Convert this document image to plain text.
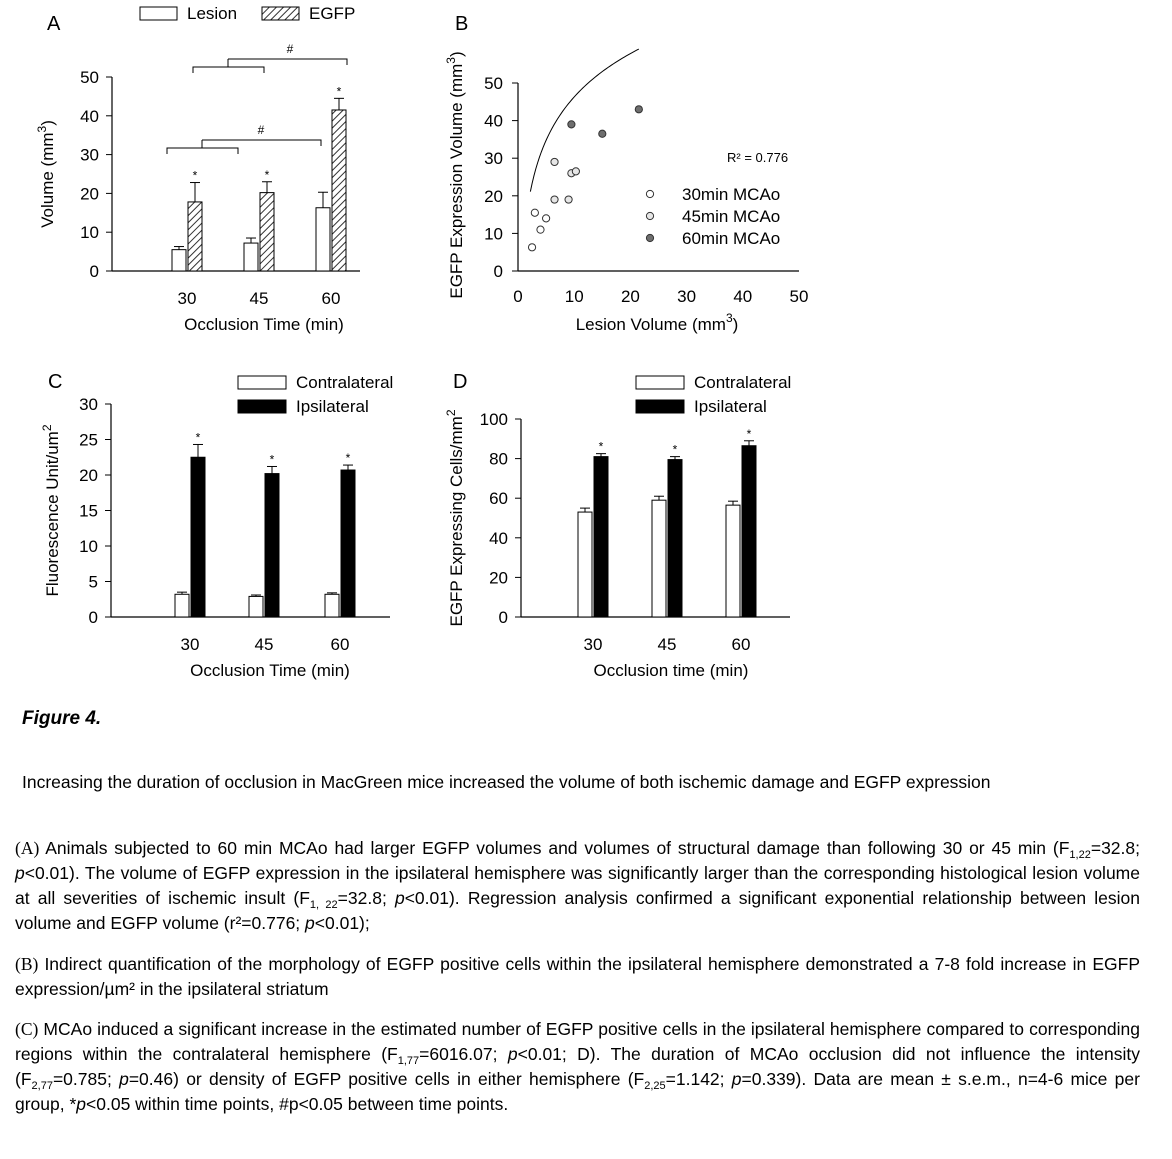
A
0
10
20
30
40
50
*
30
*
45
*
60
Occlusion Time (min)
Volume $(mm^3)$
Lesion	EGFP
#
#
B
0
10
20
30
40
50
0 10 20 30 40 50
30min MCAo
45min MCAo
60min MCAo
R² = 0.776
Lesion Volume $(mm^3)$
EGFP Expression Volume $(mm^3)$
C
0
5
10
15
20
25
30
*
30
*
45
*
60
Occlusion Time (min)
Fluorescence Unit/$um^2$
Contralateral
Ipsilateral
D
0
20
40
60
80
100
*
30
*
45
*
60
Occlusion time (min)
EGFP Expressing Cells/$mm^2$
Contralateral
Ipsilateral
Figure 4.
Increasing the duration of occlusion in MacGreen mice increased the volume of both ischemic damage and EGFP expression
(A) Animals subjected to 60 min MCAo had larger EGFP volumes and volumes of structural damage than following 30 or 45 $\min (F_{1,22}=32.8$; p<0.01). The volume of EGFP expression in the ipsilateral hemisphere was significantly larger than the corresponding histological lesion volume at all severities of ischemic insult ($F_{1, 22}=32.8$; p<0.01). Regression analysis confirmed a significant exponential relationship between lesion volume and EGFP volume (r²=0.776; p<0.01);
(B) Indirect quantification of the morphology of EGFP positive cells within the ipsilateral hemisphere demonstrated a 7-8 fold increase in EGFP expression/µm² in the ipsilateral striatum
(C) MCAo induced a significant increase in the estimated number of EGFP positive cells in the ipsilateral hemisphere compared to corresponding regions within the contralateral hemisphere ($F_{1,77}=6016.07$; p<0.01; D). The duration of MCAo occlusion did not influence the intensity ($F_{2,77}=0.785$; p=0.46) or density of EGFP positive cells in either hemisphere ($F_{2,25}=1.142$; p=0.339). Data are mean ± s.e.m., n=4-6 mice per group, *p<0.05 within time points, #p<0.05 between time points.
